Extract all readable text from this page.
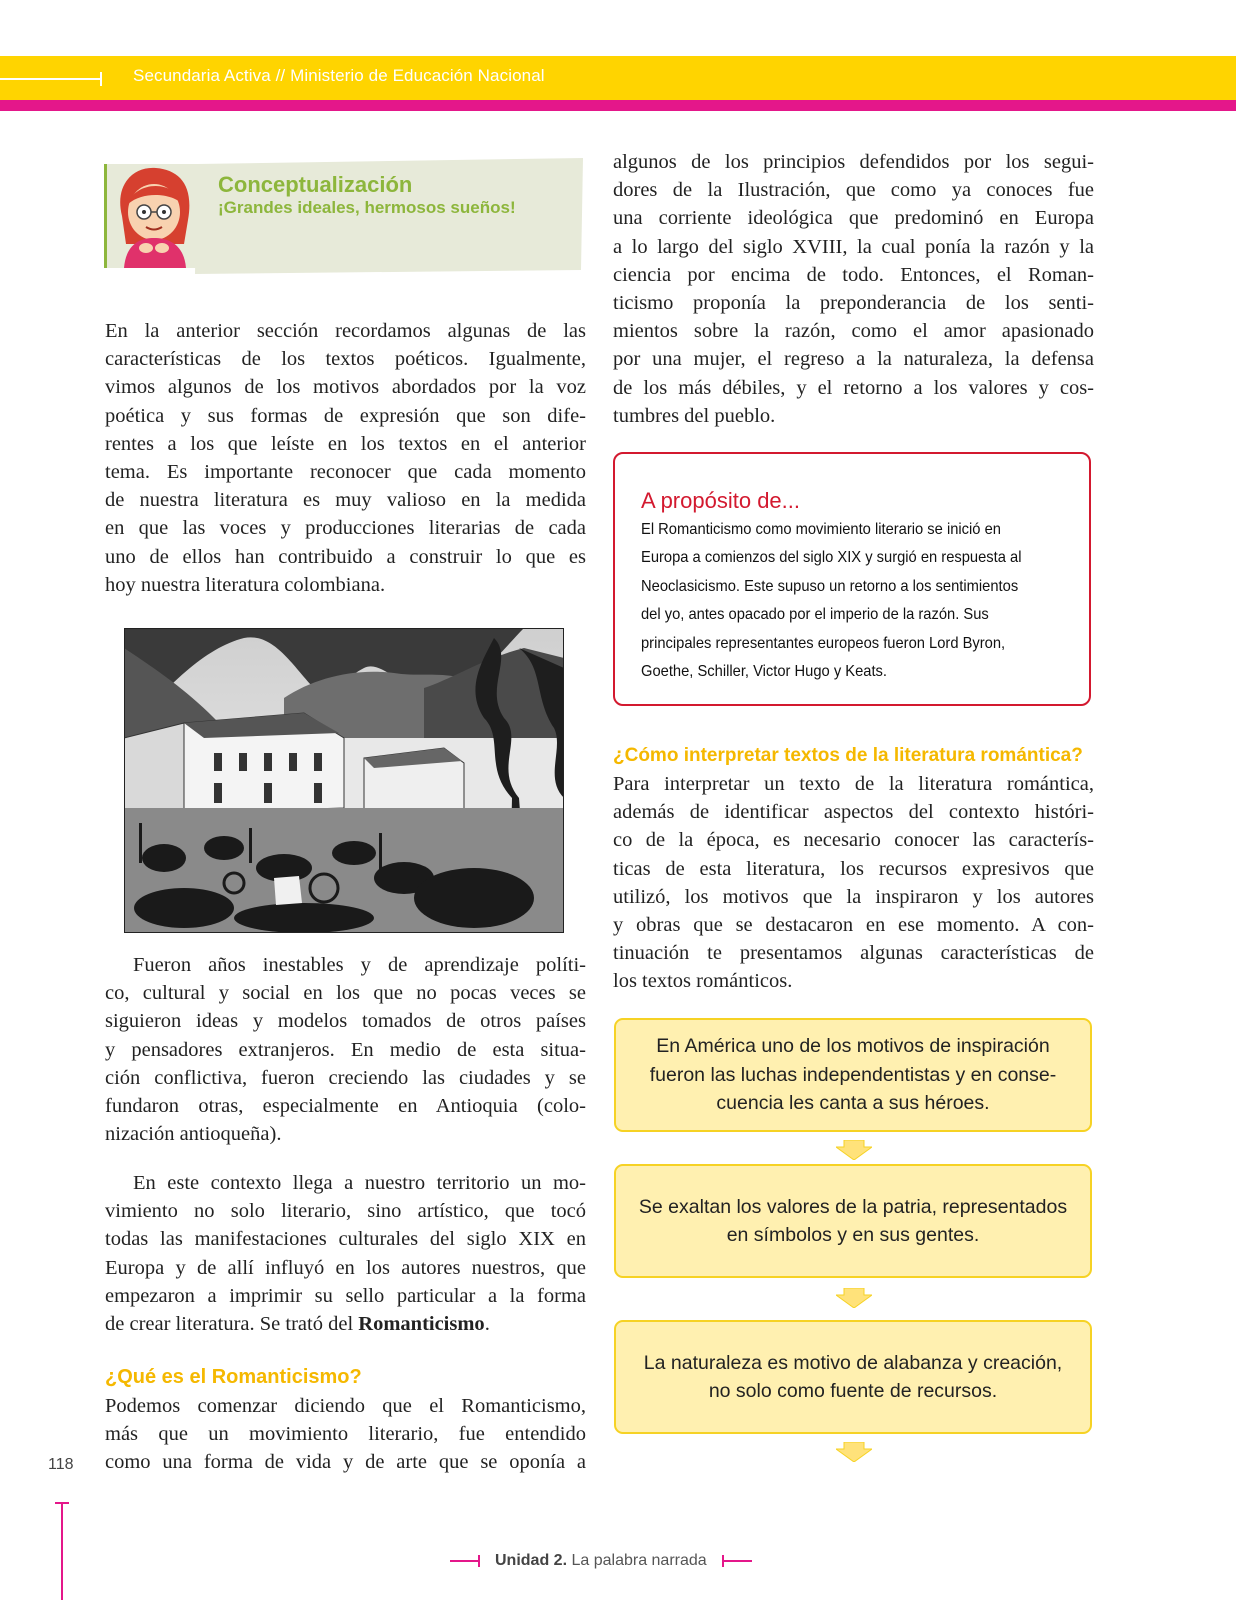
Secundaria Activa // Ministerio de Educación Nacional
Conceptualización
¡Grandes ideales, hermosos sueños!
En la anterior sección recordamos algunas de las
características de los textos poéticos. Igualmente,
vimos algunos de los motivos abordados por la voz
poética y sus formas de expresión que son dife-
rentes a los que leíste en los textos en el anterior
tema. Es importante reconocer que cada momento
de nuestra literatura es muy valioso en la medida
en que las voces y producciones literarias de cada
uno de ellos han contribuido a construir lo que es
hoy nuestra literatura colombiana.
Fueron años inestables y de aprendizaje políti-
co, cultural y social en los que no pocas veces se
siguieron ideas y modelos tomados de otros países
y pensadores extranjeros. En medio de esta situa-
ción conflictiva, fueron creciendo las ciudades y se
fundaron otras, especialmente en Antioquia (colo-
nización antioqueña).
En este contexto llega a nuestro territorio un mo-
vimiento no solo literario, sino artístico, que tocó
todas las manifestaciones culturales del siglo XIX en
Europa y de allí influyó en los autores nuestros, que
empezaron a imprimir su sello particular a la forma
de crear literatura. Se trató del Romanticismo.
¿Qué es el Romanticismo?
Podemos comenzar diciendo que el Romanticismo,
más que un movimiento literario, fue entendido
como una forma de vida y de arte que se oponía a
algunos de los principios defendidos por los segui-
dores de la Ilustración, que como ya conoces fue
una corriente ideológica que predominó en Europa
a lo largo del siglo XVIII, la cual ponía la razón y la
ciencia por encima de todo. Entonces, el Roman-
ticismo proponía la preponderancia de los senti-
mientos sobre la razón, como el amor apasionado
por una mujer, el regreso a la naturaleza, la defensa
de los más débiles, y el retorno a los valores y cos-
tumbres del pueblo.
A propósito de...
El Romanticismo como movimiento literario se inició en
Europa a comienzos del siglo XIX y surgió en respuesta al
Neoclasicismo. Este supuso un retorno a los sentimientos
del yo, antes opacado por el imperio de la razón. Sus
principales representantes europeos fueron Lord Byron,
Goethe, Schiller, Victor Hugo y Keats.
¿Cómo interpretar textos de la literatura romántica?
Para interpretar un texto de la literatura romántica,
además de identificar aspectos del contexto históri-
co de la época, es necesario conocer las caracterís-
ticas de esta literatura, los recursos expresivos que
utilizó, los motivos que la inspiraron y los autores
y obras que se destacaron en ese momento. A con-
tinuación te presentamos algunas características de
los textos románticos.
En América uno de los motivos de inspiración
fueron las luchas independentistas y en conse-
cuencia les canta a sus héroes.
Se exaltan los valores de la patria, representados
en símbolos y en sus gentes.
La naturaleza es motivo de alabanza y creación,
no solo como fuente de recursos.
118
Unidad 2. La palabra narrada
